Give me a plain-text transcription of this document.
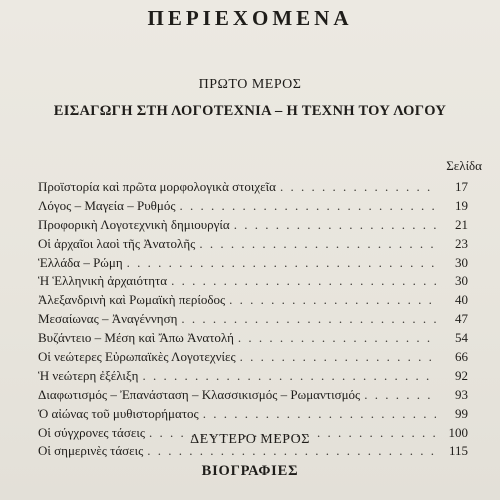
ΠΕΡΙΕΧΟΜΕΝΑ
ΠΡΩΤΟ ΜΕΡΟΣ
ΕΙΣΑΓΩΓΗ ΣΤΗ ΛΟΓΟΤΕΧΝΙΑ – Η ΤΕΧΝΗ ΤΟΥ ΛΟΓΟΥ
Σελίδα
Προϊστορία καὶ πρῶτα μορφολογικὰ στοιχεῖα . . .	17
Λόγος – Μαγεία – Ρυθμός . . .	19
Προφορικὴ Λογοτεχνικὴ δημιουργία . . .	21
Οἱ ἀρχαῖοι λαοὶ τῆς Ἀνατολῆς . . .	23
Ἑλλάδα – Ρώμη . . .	30
Ἡ Ἑλληνικὴ ἀρχαιότητα . . .	30
Ἀλεξανδρινὴ καὶ Ρωμαϊκὴ περίοδος . . .	40
Μεσαίωνας – Ἀναγέννηση . . .	47
Βυζάντειο – Μέση καὶ Ἄπω Ἀνατολή . . .	54
Οἱ νεώτερες Εὐρωπαϊκὲς Λογοτεχνίες . . .	66
Ἡ νεώτερη ἐξέλιξη . . .	92
Διαφωτισμός – Ἐπανάσταση – Κλασσικισμός – Ρωμαντισμός . . .	93
Ὁ αἰώνας τοῦ μυθιστορήματος . . .	99
Οἱ σύγχρονες τάσεις . . .	100
Οἱ σημερινὲς τάσεις . . .	115
ΔΕΥΤΕΡΟ ΜΕΡΟΣ
ΒΙΟΓΡΑΦΙΕΣ
